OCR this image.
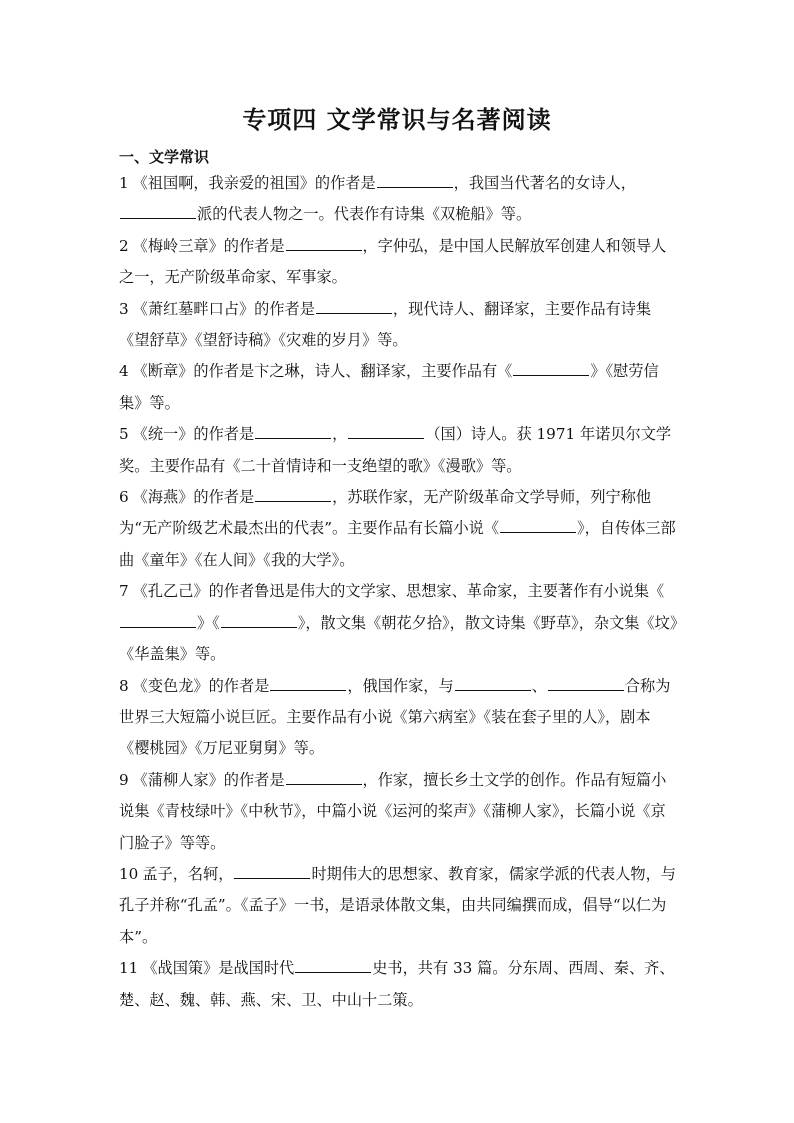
专项四 文学常识与名著阅读
一、文学常识

1 《祖国啊，我亲爱的祖国》的作者是	，我国当代著名的女诗人，派的代表人物之一。代表作有诗集《双桅船》等。

2 《梅岭三章》的作者是	，字仲弘，是中国人民解放军创建人和领导人之一，无产阶级革命家、军事家。

3 《萧红墓畔口占》的作者是	，现代诗人、翻译家，主要作品有诗集《望舒草》《望舒诗稿》《灾难的岁月》等。

4 《断章》的作者是卞之琳，诗人、翻译家，主要作品有《	》《慰劳信集》等。

5 《统一》的作者是	，	（国）诗人。获 1971 年诺贝尔文学奖。主要作品有《二十首情诗和一支绝望的歌》《漫歌》等。

6 《海燕》的作者是	，苏联作家，无产阶级革命文学导师，列宁称他为“无产阶级艺术最杰出的代表”。主要作品有长篇小说《	》，自传体三部曲《童年》《在人间》《我的大学》。

7 《孔乙己》的作者鲁迅是伟大的文学家、思想家、革命家，主要著作有小说集《》《	》，散文集《朝花夕拾》，散文诗集《野草》，杂文集《坟》《华盖集》等。

8 《变色龙》的作者是	，俄国作家，与	、	合称为世界三大短篇小说巨匠。主要作品有小说《第六病室》《装在套子里的人》，剧本《樱桃园》《万尼亚舅舅》等。

9 《蒲柳人家》的作者是	，作家，擅长乡土文学的创作。作品有短篇小说集《青枝绿叶》《中秋节》，中篇小说《运河的桨声》《蒲柳人家》，长篇小说《京门脸子》等等。

10 孟子，名轲，	时期伟大的思想家、教育家，儒家学派的代表人物，与孔子并称“孔孟”。《孟子》一书，是语录体散文集，由共同编撰而成，倡导“以仁为本”。

11 《战国策》是战国时代	史书，共有 33 篇。分东周、西周、秦、齐、楚、赵、魏、韩、燕、宋、卫、中山十二策。
